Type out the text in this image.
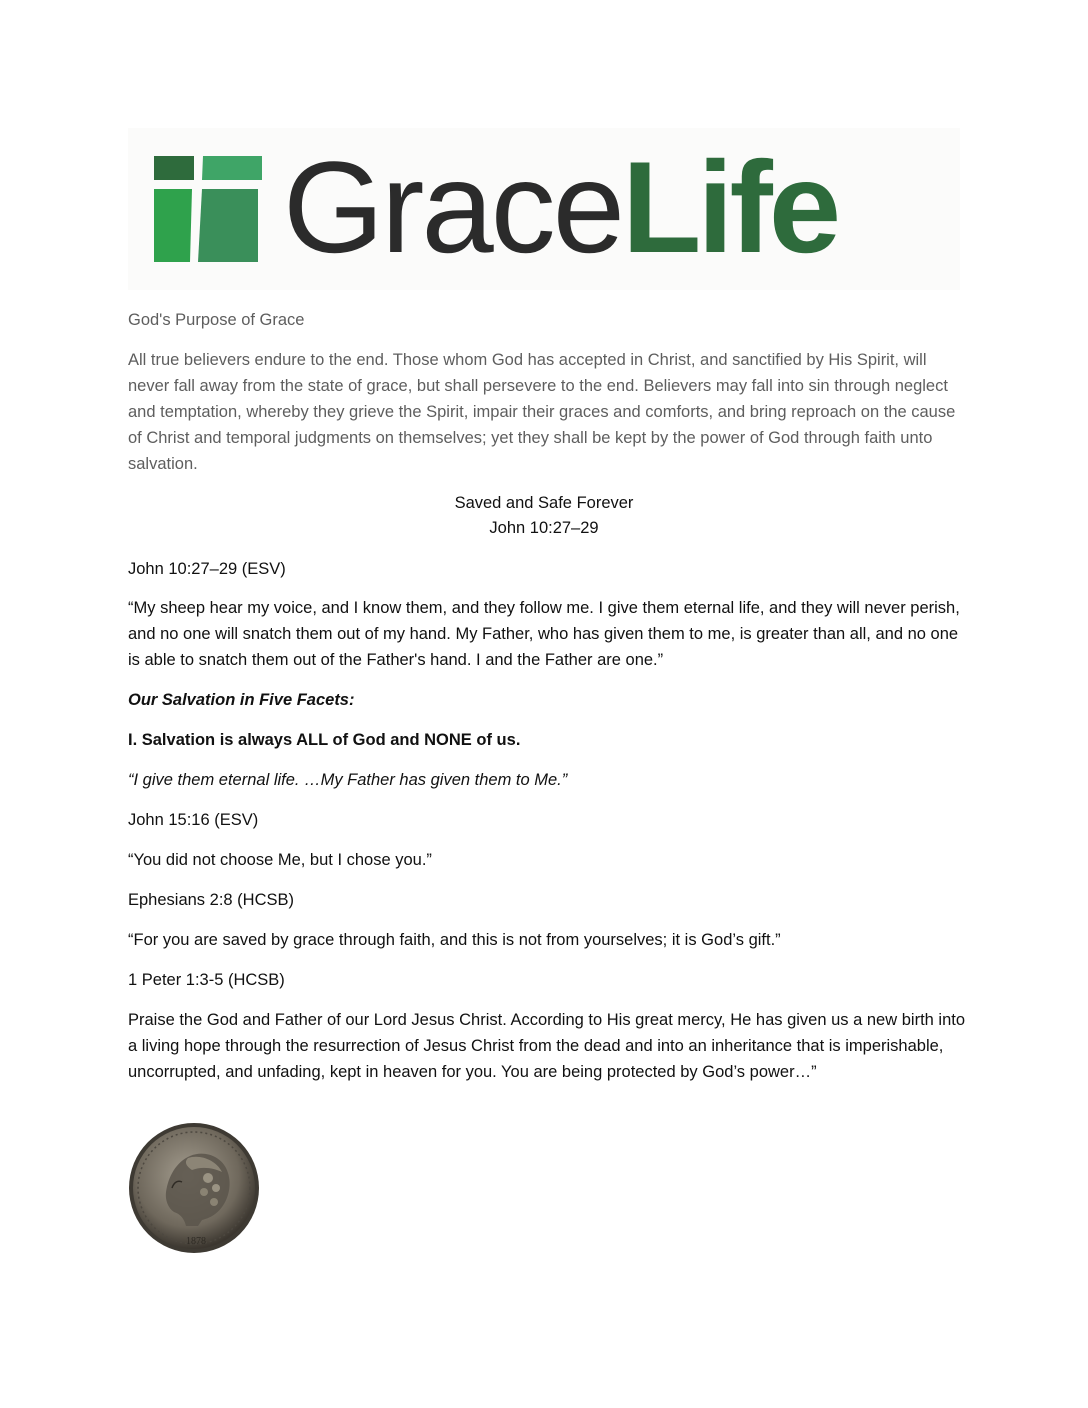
GraceLife

God's Purpose of Grace

All true believers endure to the end. Those whom God has accepted in Christ, and sanctified by His Spirit, will never fall away from the state of grace, but shall persevere to the end. Believers may fall into sin through neglect and temptation, whereby they grieve the Spirit, impair their graces and comforts, and bring reproach on the cause of Christ and temporal judgments on themselves; yet they shall be kept by the power of God through faith unto salvation.

Saved and Safe Forever

John 10:27–29

John 10:27–29 (ESV)

“My sheep hear my voice, and I know them, and they follow me. I give them eternal life, and they will never perish, and no one will snatch them out of my hand. My Father, who has given them to me, is greater than all, and no one is able to snatch them out of the Father's hand. I and the Father are one.”

Our Salvation in Five Facets:

I. Salvation is always ALL of God and NONE of us.

“I give them eternal life. …My Father has given them to Me.”

John 15:16 (ESV)

“You did not choose Me, but I chose you.”

Ephesians 2:8 (HCSB)

“For you are saved by grace through faith, and this is not from yourselves; it is God’s gift.”

1 Peter 1:3-5 (HCSB)

Praise the God and Father of our Lord Jesus Christ. According to His great mercy, He has given us a new birth into a living hope through the resurrection of Jesus Christ from the dead and into an inheritance that is imperishable, uncorrupted, and unfading, kept in heaven for you. You are being protected by God’s power…”

1878
